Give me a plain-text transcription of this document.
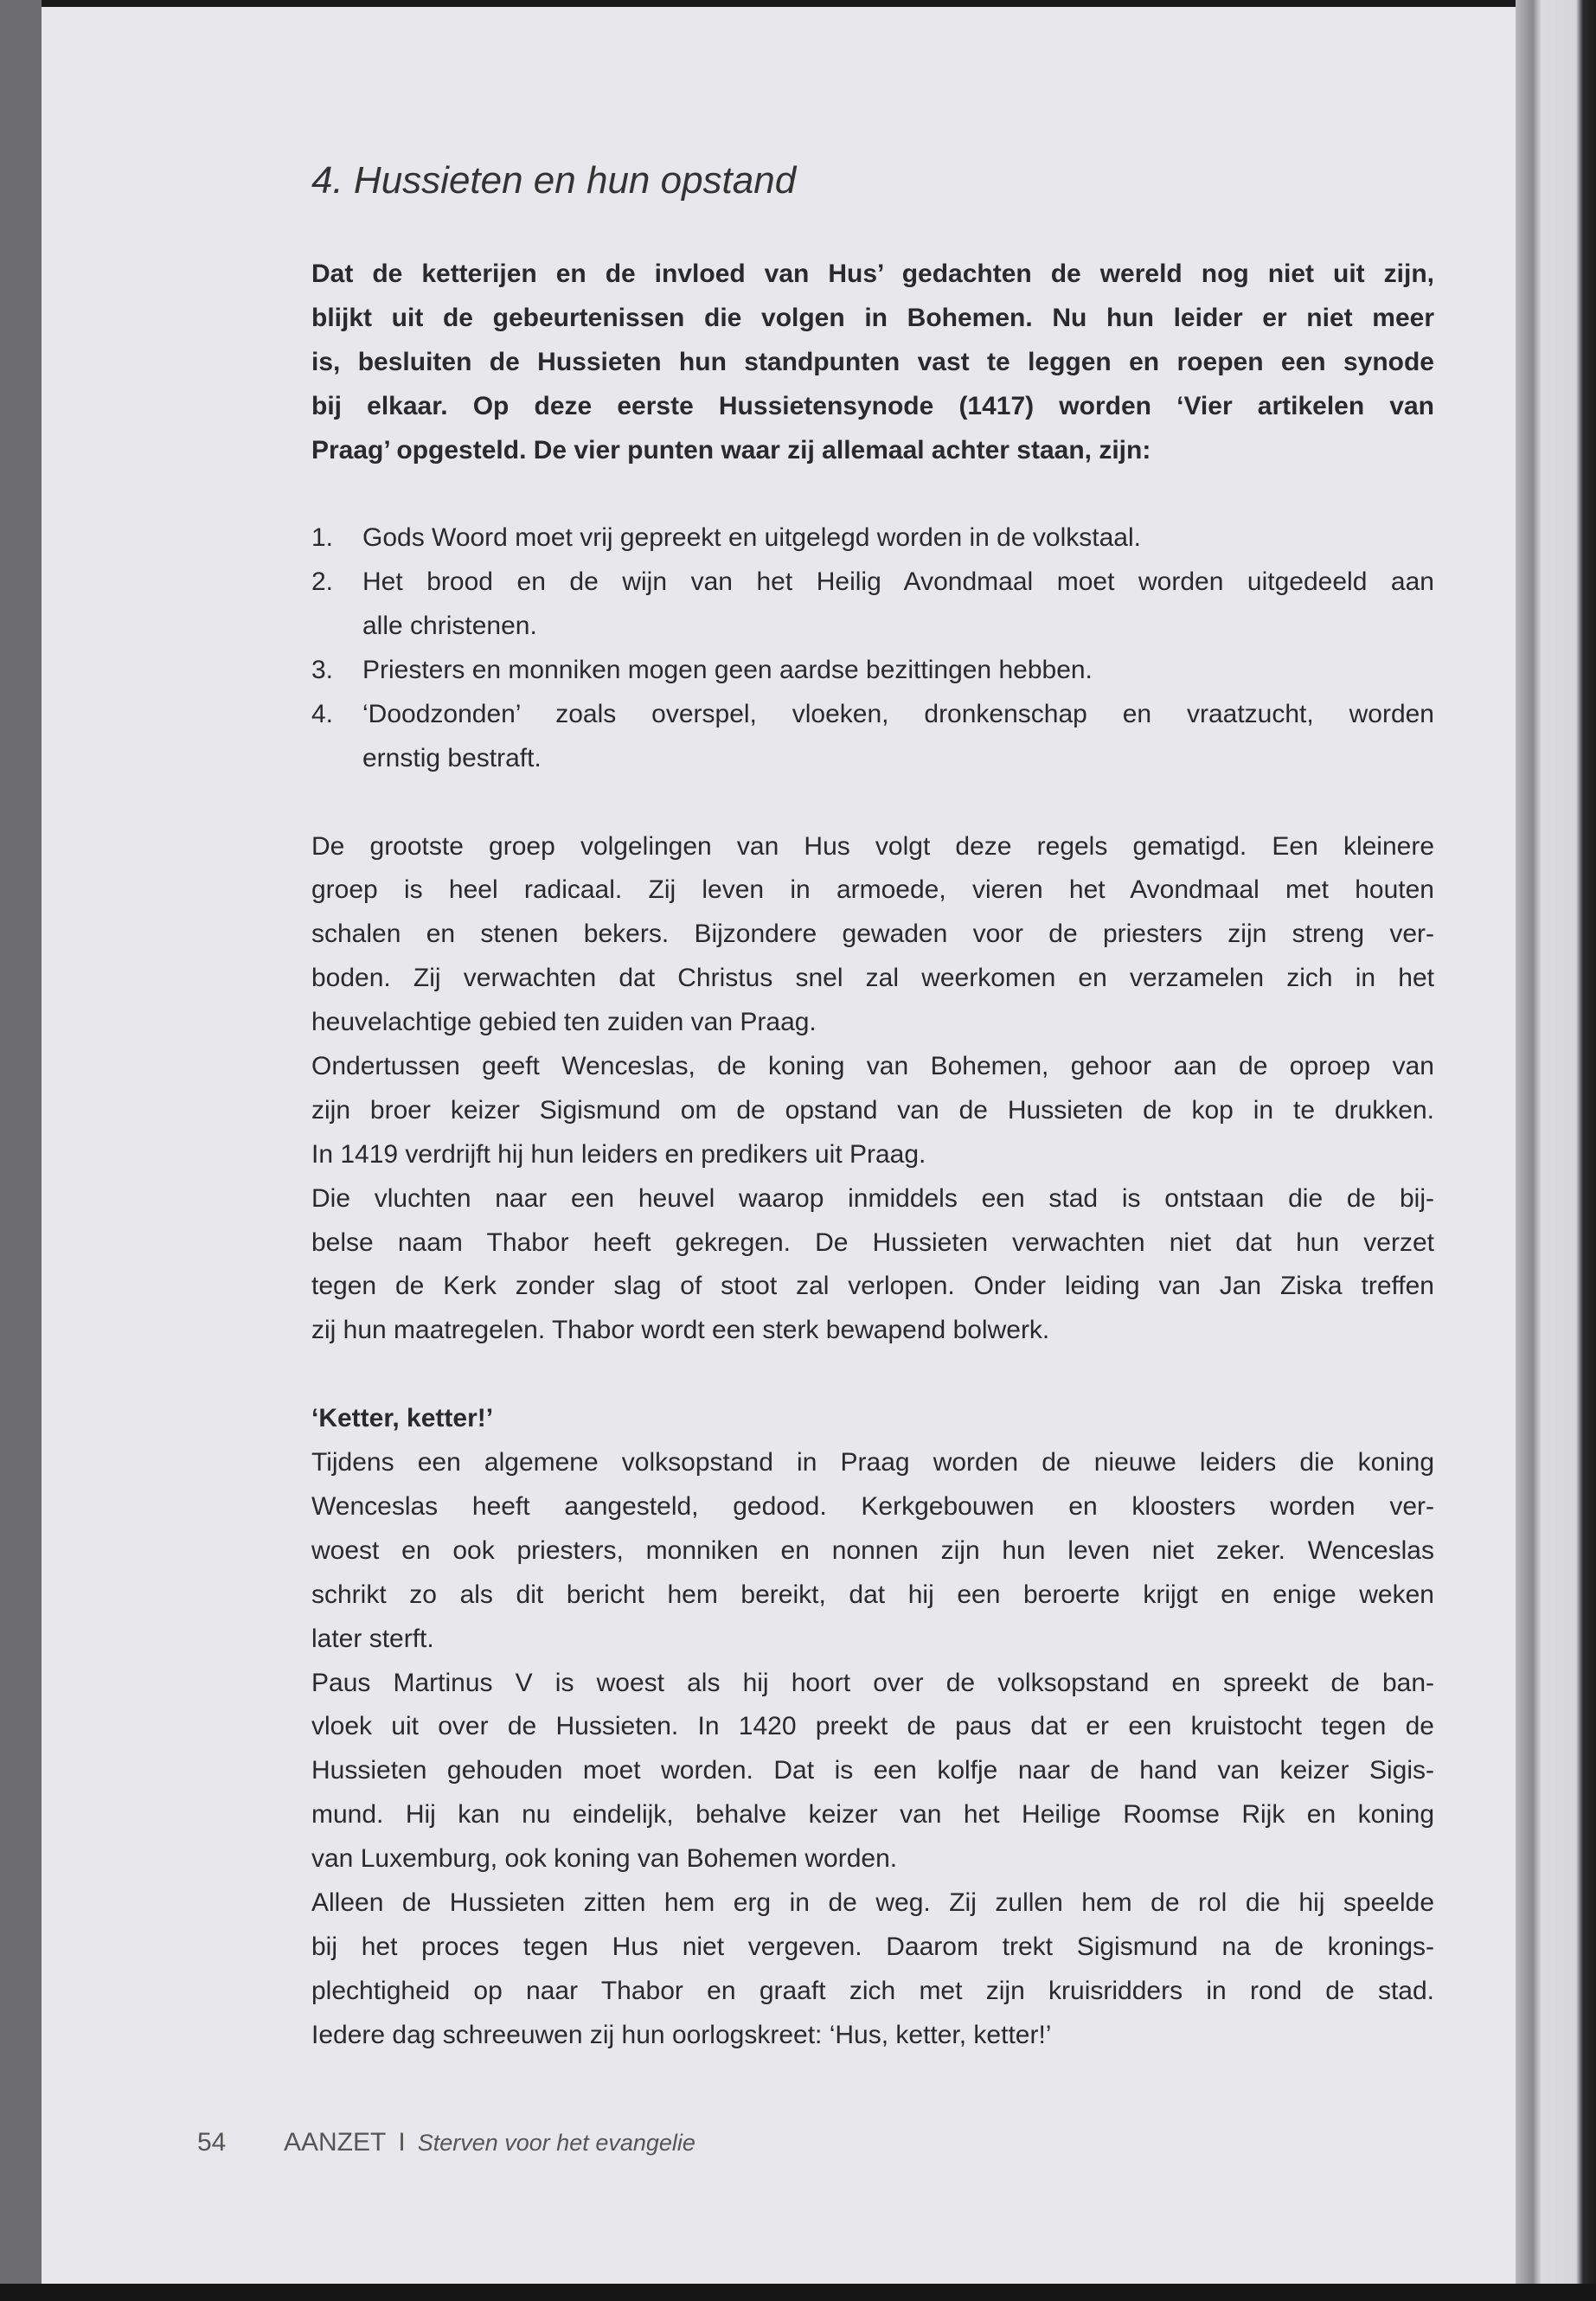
4. Hussieten en hun opstand
Dat de ketterijen en de invloed van Hus’ gedachten de wereld nog niet uit zijn,
blijkt uit de gebeurtenissen die volgen in Bohemen. Nu hun leider er niet meer
is, besluiten de Hussieten hun standpunten vast te leggen en roepen een synode
bij elkaar. Op deze eerste Hussietensynode (1417) worden ‘Vier artikelen van
Praag’ opgesteld. De vier punten waar zij allemaal achter staan, zijn:
1. Gods Woord moet vrij gepreekt en uitgelegd worden in de volkstaal.
2. Het brood en de wijn van het Heilig Avondmaal moet worden uitgedeeld aan
alle christenen.
3. Priesters en monniken mogen geen aardse bezittingen hebben.
4. ‘Doodzonden’ zoals overspel, vloeken, dronkenschap en vraatzucht, worden
ernstig bestraft.
De grootste groep volgelingen van Hus volgt deze regels gematigd. Een kleinere
groep is heel radicaal. Zij leven in armoede, vieren het Avondmaal met houten
schalen en stenen bekers. Bijzondere gewaden voor de priesters zijn streng ver-
boden. Zij verwachten dat Christus snel zal weerkomen en verzamelen zich in het
heuvelachtige gebied ten zuiden van Praag.
Ondertussen geeft Wenceslas, de koning van Bohemen, gehoor aan de oproep van
zijn broer keizer Sigismund om de opstand van de Hussieten de kop in te drukken.
In 1419 verdrijft hij hun leiders en predikers uit Praag.
Die vluchten naar een heuvel waarop inmiddels een stad is ontstaan die de bij-
belse naam Thabor heeft gekregen. De Hussieten verwachten niet dat hun verzet
tegen de Kerk zonder slag of stoot zal verlopen. Onder leiding van Jan Ziska treffen
zij hun maatregelen. Thabor wordt een sterk bewapend bolwerk.
‘Ketter, ketter!’
Tijdens een algemene volksopstand in Praag worden de nieuwe leiders die koning
Wenceslas heeft aangesteld, gedood. Kerkgebouwen en kloosters worden ver-
woest en ook priesters, monniken en nonnen zijn hun leven niet zeker. Wenceslas
schrikt zo als dit bericht hem bereikt, dat hij een beroerte krijgt en enige weken
later sterft.
Paus Martinus V is woest als hij hoort over de volksopstand en spreekt de ban-
vloek uit over de Hussieten. In 1420 preekt de paus dat er een kruistocht tegen de
Hussieten gehouden moet worden. Dat is een kolfje naar de hand van keizer Sigis-
mund. Hij kan nu eindelijk, behalve keizer van het Heilige Roomse Rijk en koning
van Luxemburg, ook koning van Bohemen worden.
Alleen de Hussieten zitten hem erg in de weg. Zij zullen hem de rol die hij speelde
bij het proces tegen Hus niet vergeven. Daarom trekt Sigismund na de kronings-
plechtigheid op naar Thabor en graaft zich met zijn kruisridders in rond de stad.
Iedere dag schreeuwen zij hun oorlogskreet: ‘Hus, ketter, ketter!’
54 AANZET I Sterven voor het evangelie
